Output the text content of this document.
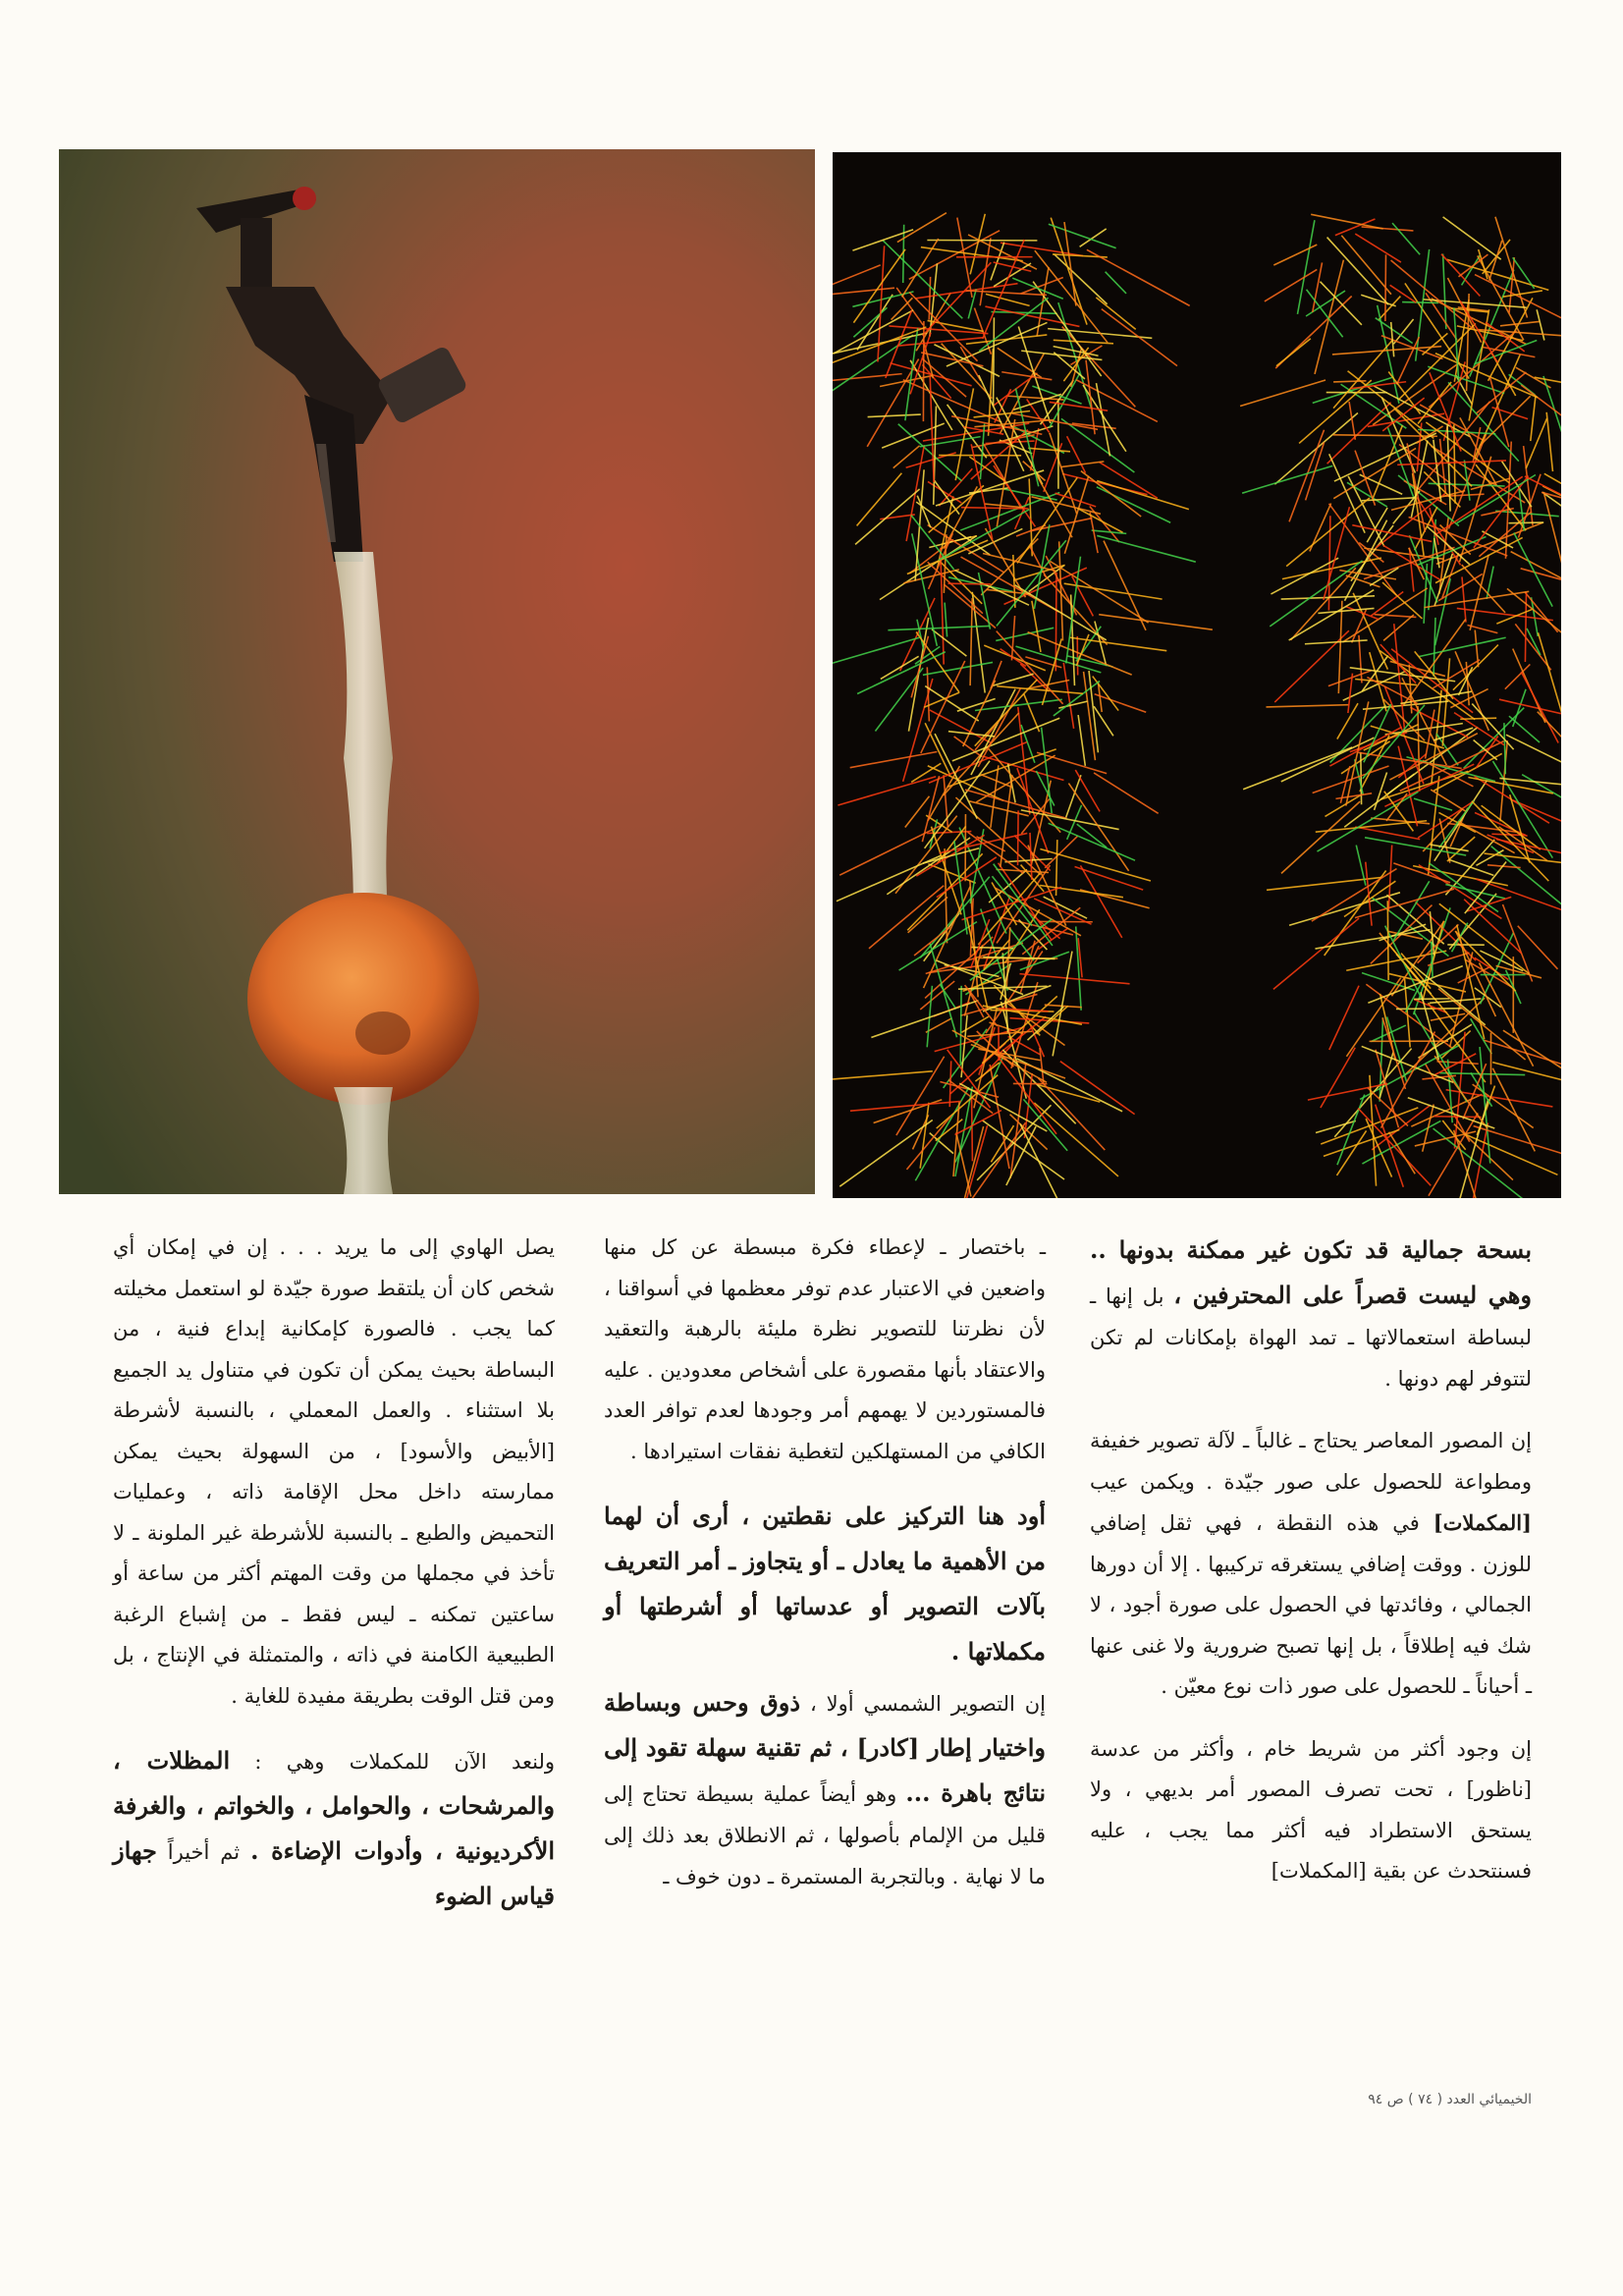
بسحة جمالية قد تكون غير ممكنة بدونها .. وهي ليست قصراً على المحترفين ، بل إنها ـ لبساطة استعمالاتها ـ تمد الهواة بإمكانات لم تكن لتتوفر لهم دونها .

إن المصور المعاصر يحتاج ـ غالباً ـ لآلة تصوير خفيفة ومطواعة للحصول على صور جيّدة . ويكمن عيب [المكملات] في هذه النقطة ، فهي ثقل إضافي للوزن . ووقت إضافي يستغرقه تركيبها . إلا أن دورها الجمالي ، وفائدتها في الحصول على صورة أجود ، لا شك فيه إطلاقاً ، بل إنها تصبح ضرورية ولا غنى عنها ـ أحياناً ـ للحصول على صور ذات نوع معيّن .

إن وجود أكثر من شريط خام ، وأكثر من عدسة [ناظور] ، تحت تصرف المصور أمر بديهي ، ولا يستحق الاستطراد فيه أكثر مما يجب ، عليه فسنتحدث عن بقية [المكملات]

ـ باختصار ـ لإعطاء فكرة مبسطة عن كل منها واضعين في الاعتبار عدم توفر معظمها في أسواقنا ، لأن نظرتنا للتصوير نظرة مليئة بالرهبة والتعقيد والاعتقاد بأنها مقصورة على أشخاص معدودين . عليه فالمستوردين لا يهمهم أمر وجودها لعدم توافر العدد الكافي من المستهلكين لتغطية نفقات استيرادها .

أود هنا التركيز على نقطتين ، أرى أن لهما من الأهمية ما يعادل ـ أو يتجاوز ـ أمر التعريف بآلات التصوير أو عدساتها أو أشرطتها أو مكملاتها .

إن التصوير الشمسي أولا ، ذوق وحس وبساطة واختيار إطار [كادر] ، ثم تقنية سهلة تقود إلى نتائج باهرة ... وهو أيضاً عملية بسيطة تحتاج إلى قليل من الإلمام بأصولها ، ثم الانطلاق بعد ذلك إلى ما لا نهاية . وبالتجربة المستمرة ـ دون خوف ـ

يصل الهاوي إلى ما يريد . . . إن في إمكان أي شخص كان أن يلتقط صورة جيّدة لو استعمل مخيلته كما يجب . فالصورة كإمكانية إبداع فنية ، من البساطة بحيث يمكن أن تكون في متناول يد الجميع بلا استثناء . والعمل المعملي ، بالنسبة لأشرطة [الأبيض والأسود] ، من السهولة بحيث يمكن ممارسته داخل محل الإقامة ذاته ، وعمليات التحميض والطبع ـ بالنسبة للأشرطة غير الملونة ـ لا تأخذ في مجملها من وقت المهتم أكثر من ساعة أو ساعتين تمكنه ـ ليس فقط ـ من إشباع الرغبة الطبيعية الكامنة في ذاته ، والمتمثلة في الإنتاج ، بل ومن قتل الوقت بطريقة مفيدة للغاية .

ولنعد الآن للمكملات وهي : المظلات ، والمرشحات ، والحوامل ، والخواتم ، والغرفة الأكرديونية ، وأدوات الإضاءة . ثم أخيراً جهاز قياس الضوء

الخيميائي العدد ( ٧٤ ) ص ٩٤
